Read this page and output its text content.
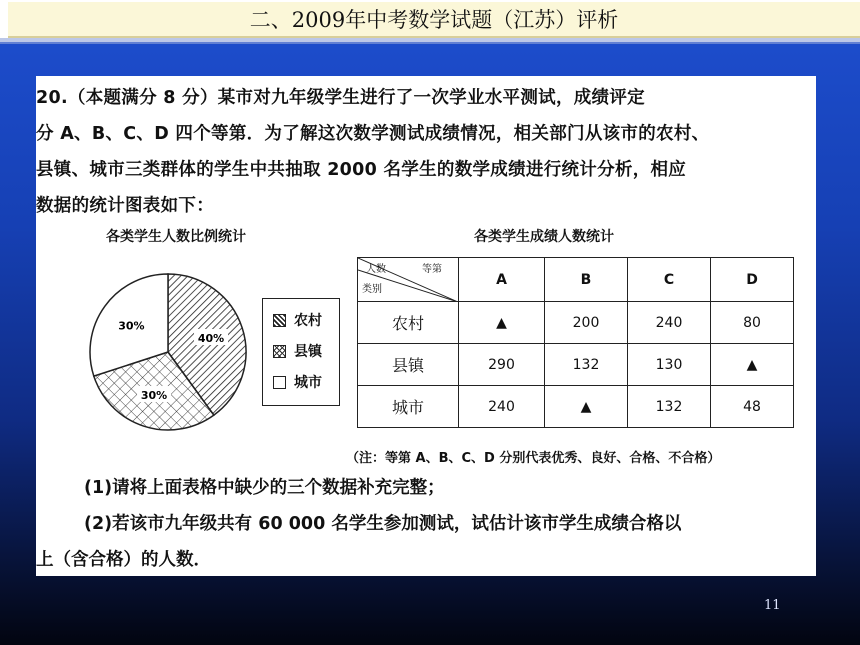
二、2009年中考数学试题（江苏）评析
20.（本题满分 8 分）某市对九年级学生进行了一次学业水平测试，成绩评定
分 A、B、C、D 四个等第．为了解这次数学测试成绩情况，相关部门从该市的农村、
县镇、城市三类群体的学生中共抽取 2000 名学生的数学成绩进行统计分析，相应
数据的统计图表如下：
各类学生人数比例统计	各类学生成绩人数统计
40%
30%
30%	农村
县镇
城市
人数 等第
类别	A	B	C	D
农村	▲	200	240	80
县镇	290	132	130	▲
城市	240	▲	132	48
（注：等第 A、B、C、D 分别代表优秀、良好、合格、不合格）
(1)请将上面表格中缺少的三个数据补充完整；
(2)若该市九年级共有 60 000 名学生参加测试，试估计该市学生成绩合格以
上（含合格）的人数．
11
